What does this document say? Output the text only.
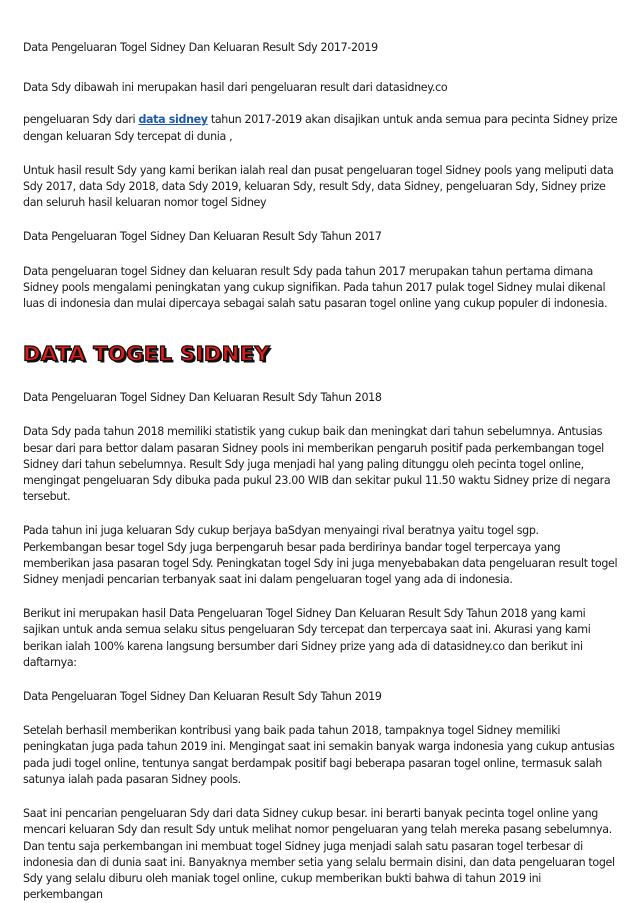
Data Pengeluaran Togel Sidney Dan Keluaran Result Sdy 2017-2019

Data Sdy dibawah ini merupakan hasil dari pengeluaran result dari datasidney.co

pengeluaran Sdy dari data sidney tahun 2017-2019 akan disajikan untuk anda semua para pecinta Sidney prize dengan keluaran Sdy tercepat di dunia ,

Untuk hasil result Sdy yang kami berikan ialah real dan pusat pengeluaran togel Sidney pools yang meliputi data Sdy 2017, data Sdy 2018, data Sdy 2019, keluaran Sdy, result Sdy, data Sidney, pengeluaran Sdy, Sidney prize dan seluruh hasil keluaran nomor togel Sidney

Data Pengeluaran Togel Sidney Dan Keluaran Result Sdy Tahun 2017

Data pengeluaran togel Sidney dan keluaran result Sdy pada tahun 2017 merupakan tahun pertama dimana Sidney pools mengalami peningkatan yang cukup signifikan. Pada tahun 2017 pulak togel Sidney mulai dikenal luas di indonesia dan mulai dipercaya sebagai salah satu pasaran togel online yang cukup populer di indonesia.

DATA TOGEL SIDNEY

Data Pengeluaran Togel Sidney Dan Keluaran Result Sdy Tahun 2018

Data Sdy pada tahun 2018 memiliki statistik yang cukup baik dan meningkat dari tahun sebelumnya. Antusias besar dari para bettor dalam pasaran Sidney pools ini memberikan pengaruh positif pada perkembangan togel Sidney dari tahun sebelumnya. Result Sdy juga menjadi hal yang paling ditunggu oleh pecinta togel online, mengingat pengeluaran Sdy dibuka pada pukul 23.00 WIB dan sekitar pukul 11.50 waktu Sidney prize di negara tersebut.

Pada tahun ini juga keluaran Sdy cukup berjaya baSdyan menyaingi rival beratnya yaitu togel sgp. Perkembangan besar togel Sdy juga berpengaruh besar pada berdirinya bandar togel terpercaya yang memberikan jasa pasaran togel Sdy. Peningkatan togel Sdy ini juga menyebabakan data pengeluaran result togel Sidney menjadi pencarian terbanyak saat ini dalam pengeluaran togel yang ada di indonesia.

Berikut ini merupakan hasil Data Pengeluaran Togel Sidney Dan Keluaran Result Sdy Tahun 2018 yang kami sajikan untuk anda semua selaku situs pengeluaran Sdy tercepat dan terpercaya saat ini. Akurasi yang kami berikan ialah 100% karena langsung bersumber dari Sidney prize yang ada di datasidney.co dan berikut ini daftarnya:

Data Pengeluaran Togel Sidney Dan Keluaran Result Sdy Tahun 2019

Setelah berhasil memberikan kontribusi yang baik pada tahun 2018, tampaknya togel Sidney memiliki peningkatan juga pada tahun 2019 ini. Mengingat saat ini semakin banyak warga indonesia yang cukup antusias pada judi togel online, tentunya sangat berdampak positif bagi beberapa pasaran togel online, termasuk salah satunya ialah pada pasaran Sidney pools.

Saat ini pencarian pengeluaran Sdy dari data Sidney cukup besar. ini berarti banyak pecinta togel online yang mencari keluaran Sdy dan result Sdy untuk melihat nomor pengeluaran yang telah mereka pasang sebelumnya. Dan tentu saja perkembangan ini membuat togel Sidney juga menjadi salah satu pasaran togel terbesar di indonesia dan di dunia saat ini. Banyaknya member setia yang selalu bermain disini, dan data pengeluaran togel Sdy yang selalu diburu oleh maniak togel online, cukup memberikan bukti bahwa di tahun 2019 ini perkembangan
